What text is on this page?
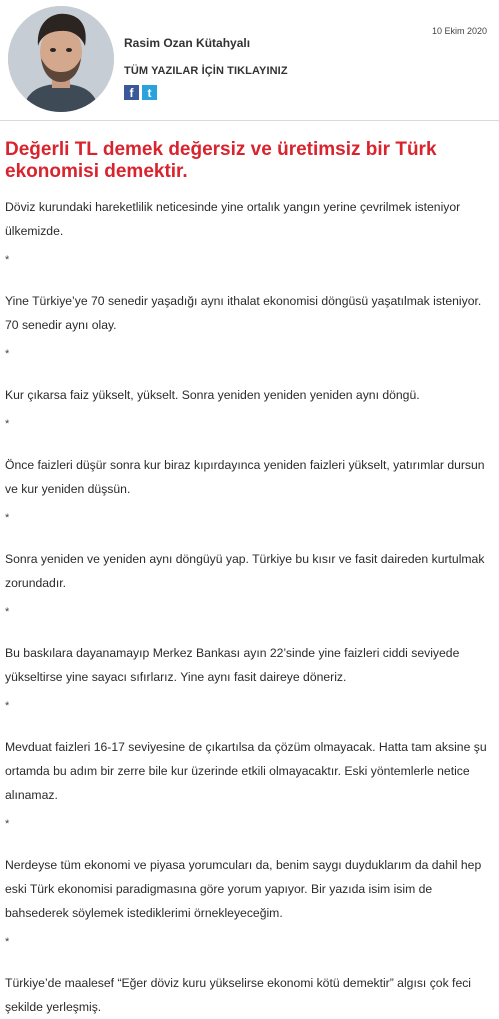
Rasim Ozan Kütahyalı
TÜM YAZILAR İÇİN TIKLAYINIZ
f	t
10 Ekim 2020
Değerli TL demek değersiz ve üretimsiz bir Türk ekonomisi demektir.

Döviz kurundaki hareketlilik neticesinde yine ortalık yangın yerine çevrilmek isteniyor ülkemizde.

*

Yine Türkiye’ye 70 senedir yaşadığı aynı ithalat ekonomisi döngüsü yaşatılmak isteniyor. 70 senedir aynı olay.

*

Kur çıkarsa faiz yükselt, yükselt. Sonra yeniden yeniden yeniden aynı döngü.

*

Önce faizleri düşür sonra kur biraz kıpırdayınca yeniden faizleri yükselt, yatırımlar dursun ve kur yeniden düşsün.

*

Sonra yeniden ve yeniden aynı döngüyü yap. Türkiye bu kısır ve fasit daireden kurtulmak zorundadır.

*

Bu baskılara dayanamayıp Merkez Bankası ayın 22’sinde yine faizleri ciddi seviyede yükseltirse yine sayacı sıfırlarız. Yine aynı fasit daireye döneriz.

*

Mevduat faizleri 16-17 seviyesine de çıkartılsa da çözüm olmayacak. Hatta tam aksine şu ortamda bu adım bir zerre bile kur üzerinde etkili olmayacaktır. Eski yöntemlerle netice alınamaz.

*

Nerdeyse tüm ekonomi ve piyasa yorumcuları da, benim saygı duyduklarım da dahil hep eski Türk ekonomisi paradigmasına göre yorum yapıyor. Bir yazıda isim isim de bahsederek söylemek istediklerimi örnekleyeceğim.

*

Türkiye’de maalesef “Eğer döviz kuru yükselirse ekonomi kötü demektir” algısı çok feci şekilde yerleşmiş.
